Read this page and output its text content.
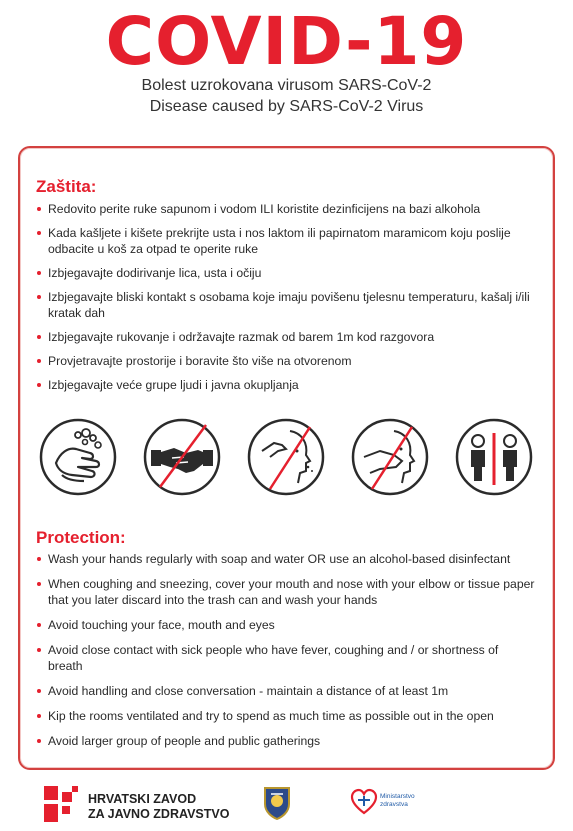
COVID-19
Bolest uzrokovana virusom SARS-CoV-2
Disease caused by SARS-CoV-2 Virus
Zaštita:
Redovito perite ruke sapunom i vodom ILI koristite dezinficijens na bazi alkohola
Kada kašljete i kišete prekrijte usta i nos laktom ili papirnatom maramicom koju poslije odbacite u koš za otpad te operite ruke
Izbjegavajte dodirivanje lica, usta i očiju
Izbjegavajte bliski kontakt s osobama koje imaju povišenu tjelesnu temperaturu, kašalj i/ili kratak dah
Izbjegavajte rukovanje i održavajte razmak od barem 1m kod razgovora
Provjetravajte prostorije i boravite što više na otvorenom
Izbjegavajte veće grupe ljudi i javna okupljanja
Protection:
Wash your hands regularly with soap and water OR use an alcohol-based disinfectant
When coughing and sneezing, cover your mouth and nose with your elbow or tissue paper that you later discard into the trash can and wash your hands
Avoid touching your face, mouth and eyes
Avoid close contact with sick people who have fever, coughing and / or shortness of breath
Avoid handling and close conversation - maintain a distance of at least 1m
Kip the rooms ventilated and try to spend as much time as possible out in the open
Avoid larger group of people and public gatherings
HRVATSKI ZAVOD
ZA JAVNO ZDRAVSTVO
Ministarstvo
zdravstva
